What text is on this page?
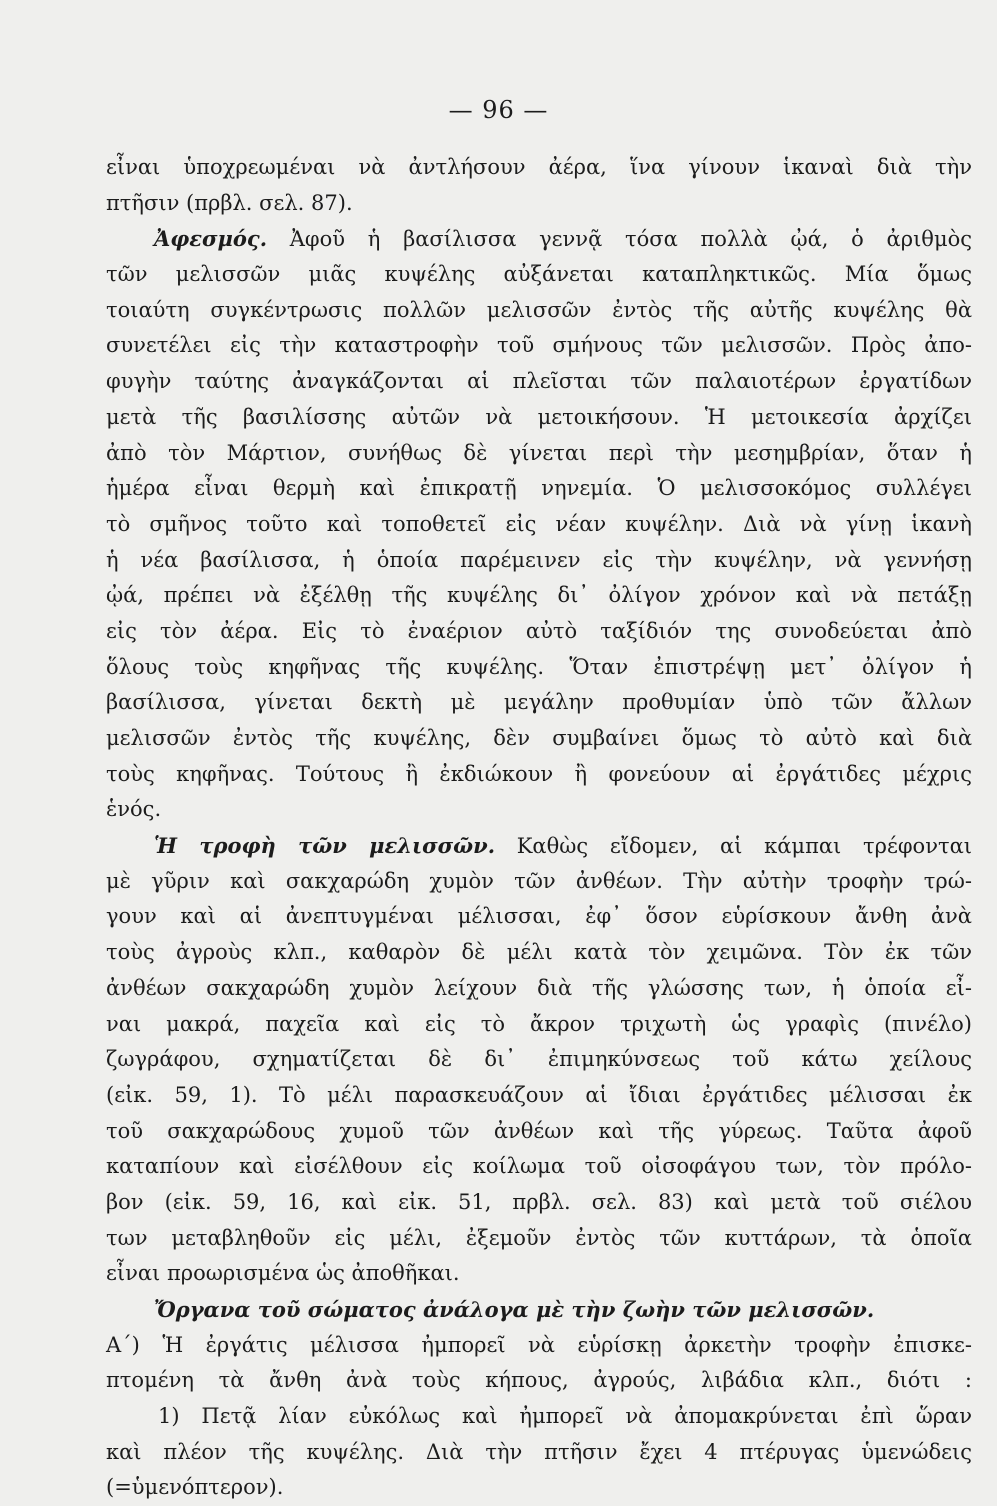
— 96 —
εἶναι ὑποχρεωμέναι νὰ ἀντλήσουν ἀέρα, ἵνα γίνουν ἱκαναὶ διὰ τὴν
πτῆσιν (πρβλ. σελ. 87).
Ἀφεσμός. Ἀφοῦ ἡ βασίλισσα γεννᾷ τόσα πολλὰ ᾠά, ὁ ἀριθμὸς
τῶν μελισσῶν μιᾶς κυψέλης αὐξάνεται καταπληκτικῶς. Μία ὅμως
τοιαύτη συγκέντρωσις πολλῶν μελισσῶν ἐντὸς τῆς αὐτῆς κυψέλης θὰ
συνετέλει εἰς τὴν καταστροφὴν τοῦ σμήνους τῶν μελισσῶν. Πρὸς ἀπο-
φυγὴν ταύτης ἀναγκάζονται αἱ πλεῖσται τῶν παλαιοτέρων ἐργατίδων
μετὰ τῆς βασιλίσσης αὐτῶν νὰ μετοικήσουν. Ἡ μετοικεσία ἀρχίζει
ἀπὸ τὸν Μάρτιον, συνήθως δὲ γίνεται περὶ τὴν μεσημβρίαν, ὅταν ἡ
ἡμέρα εἶναι θερμὴ καὶ ἐπικρατῇ νηνεμία. Ὁ μελισσοκόμος συλλέγει
τὸ σμῆνος τοῦτο καὶ τοποθετεῖ εἰς νέαν κυψέλην. Διὰ νὰ γίνῃ ἱκανὴ
ἡ νέα βασίλισσα, ἡ ὁποία παρέμεινεν εἰς τὴν κυψέλην, νὰ γεννήσῃ
ᾠά, πρέπει νὰ ἐξέλθῃ τῆς κυψέλης δι᾽ ὀλίγον χρόνον καὶ νὰ πετάξῃ
εἰς τὸν ἀέρα. Εἰς τὸ ἐναέριον αὐτὸ ταξίδιόν της συνοδεύεται ἀπὸ
ὅλους τοὺς κηφῆνας τῆς κυψέλης. Ὅταν ἐπιστρέψῃ μετ᾽ ὀλίγον ἡ
βασίλισσα, γίνεται δεκτὴ μὲ μεγάλην προθυμίαν ὑπὸ τῶν ἄλλων
μελισσῶν ἐντὸς τῆς κυψέλης, δὲν συμβαίνει ὅμως τὸ αὐτὸ καὶ διὰ
τοὺς κηφῆνας. Τούτους ἢ ἐκδιώκουν ἢ φονεύουν αἱ ἐργάτιδες μέχρις
ἑνός.
Ἡ τροφὴ τῶν μελισσῶν. Καθὼς εἴδομεν, αἱ κάμπαι τρέφονται
μὲ γῦριν καὶ σακχαρώδη χυμὸν τῶν ἀνθέων. Τὴν αὐτὴν τροφὴν τρώ-
γουν καὶ αἱ ἀνεπτυγμέναι μέλισσαι, ἐφ᾽ ὅσον εὑρίσκουν ἄνθη ἀνὰ
τοὺς ἀγροὺς κλπ., καθαρὸν δὲ μέλι κατὰ τὸν χειμῶνα. Τὸν ἐκ τῶν
ἀνθέων σακχαρώδη χυμὸν λείχουν διὰ τῆς γλώσσης των, ἡ ὁποία εἶ-
ναι μακρά, παχεῖα καὶ εἰς τὸ ἄκρον τριχωτὴ ὡς γραφὶς (πινέλο)
ζωγράφου, σχηματίζεται δὲ δι᾽ ἐπιμηκύνσεως τοῦ κάτω χείλους
(εἰκ. 59, 1). Τὸ μέλι παρασκευάζουν αἱ ἴδιαι ἐργάτιδες μέλισσαι ἐκ
τοῦ σακχαρώδους χυμοῦ τῶν ἀνθέων καὶ τῆς γύρεως. Ταῦτα ἀφοῦ
καταπίουν καὶ εἰσέλθουν εἰς κοίλωμα τοῦ οἰσοφάγου των, τὸν πρόλο-
βον (εἰκ. 59, 16, καὶ εἰκ. 51, πρβλ. σελ. 83) καὶ μετὰ τοῦ σιέλου
των μεταβληθοῦν εἰς μέλι, ἐξεμοῦν ἐντὸς τῶν κυττάρων, τὰ ὁποῖα
εἶναι προωρισμένα ὡς ἀποθῆκαι.
Ὄργανα τοῦ σώματος ἀνάλογα μὲ τὴν ζωὴν τῶν μελισσῶν.
Α΄) Ἡ ἐργάτις μέλισσα ἠμπορεῖ νὰ εὑρίσκῃ ἀρκετὴν τροφὴν ἐπισκε-
πτομένη τὰ ἄνθη ἀνὰ τοὺς κήπους, ἀγρούς, λιβάδια κλπ., διότι :
1) Πετᾷ λίαν εὐκόλως καὶ ἠμπορεῖ νὰ ἀπομακρύνεται ἐπὶ ὥραν
καὶ πλέον τῆς κυψέλης. Διὰ τὴν πτῆσιν ἔχει 4 πτέρυγας ὑμενώδεις
(=ὑμενόπτερον).
